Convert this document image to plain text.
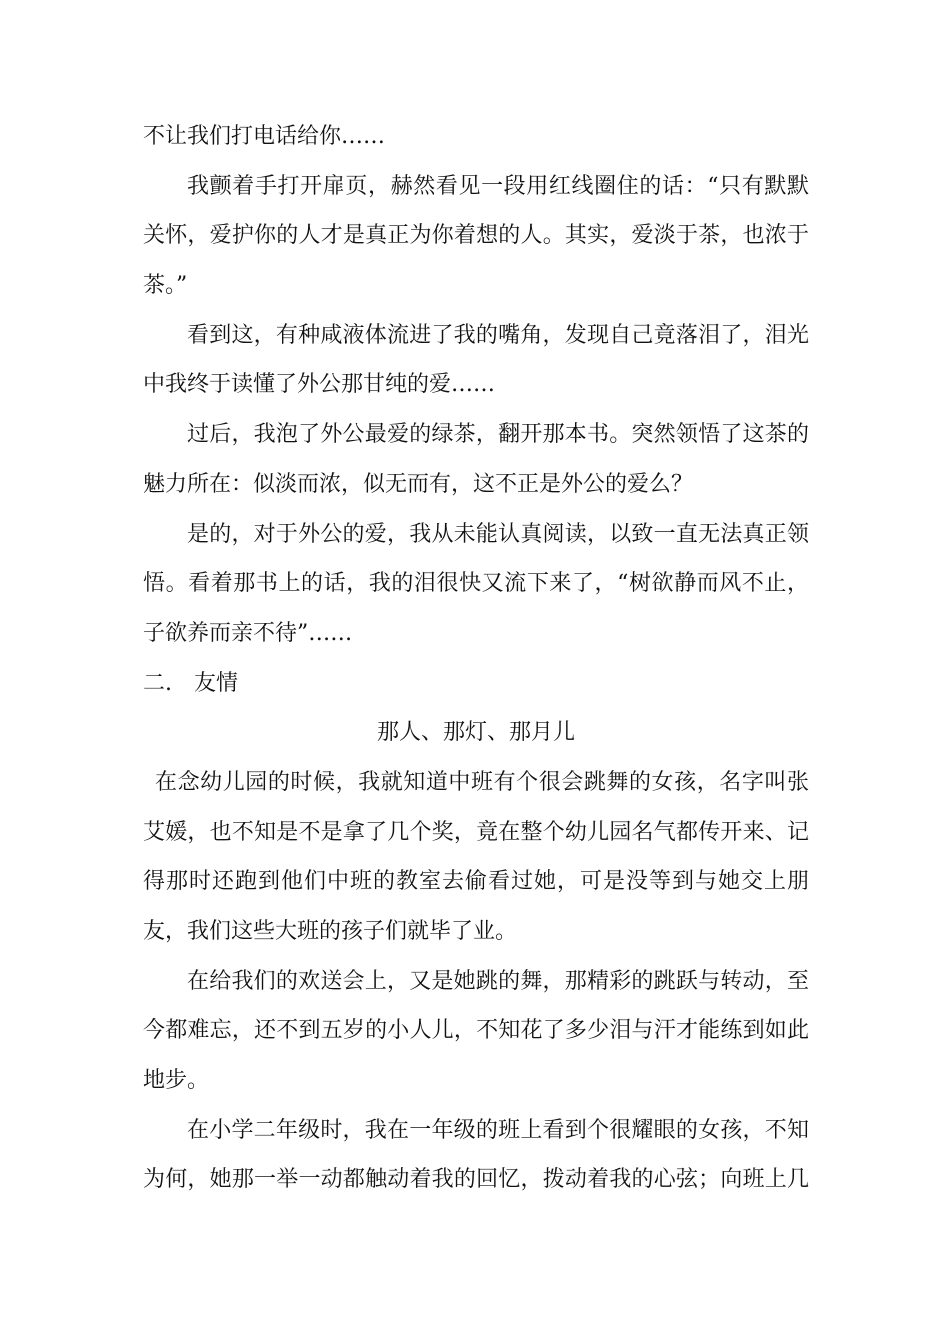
不让我们打电话给你……
我颤着手打开扉页，赫然看见一段用红线圈住的话：“只有默默
关怀，爱护你的人才是真正为你着想的人。其实，爱淡于茶，也浓于
茶。”
看到这，有种咸液体流进了我的嘴角，发现自己竟落泪了，泪光
中我终于读懂了外公那甘纯的爱……
过后，我泡了外公最爱的绿茶，翻开那本书。突然领悟了这茶的
魅力所在：似淡而浓，似无而有，这不正是外公的爱么？
是的，对于外公的爱，我从未能认真阅读，以致一直无法真正领
悟。看着那书上的话，我的泪很快又流下来了，“树欲静而风不止，
子欲养而亲不待”……
二.　友情
那人、那灯、那月儿
在念幼儿园的时候，我就知道中班有个很会跳舞的女孩，名字叫张
艾媛，也不知是不是拿了几个奖，竟在整个幼儿园名气都传开来、记
得那时还跑到他们中班的教室去偷看过她，可是没等到与她交上朋
友，我们这些大班的孩子们就毕了业。
在给我们的欢送会上，又是她跳的舞，那精彩的跳跃与转动，至
今都难忘，还不到五岁的小人儿，不知花了多少泪与汗才能练到如此
地步。
在小学二年级时，我在一年级的班上看到个很耀眼的女孩，不知
为何，她那一举一动都触动着我的回忆，拨动着我的心弦；向班上几
